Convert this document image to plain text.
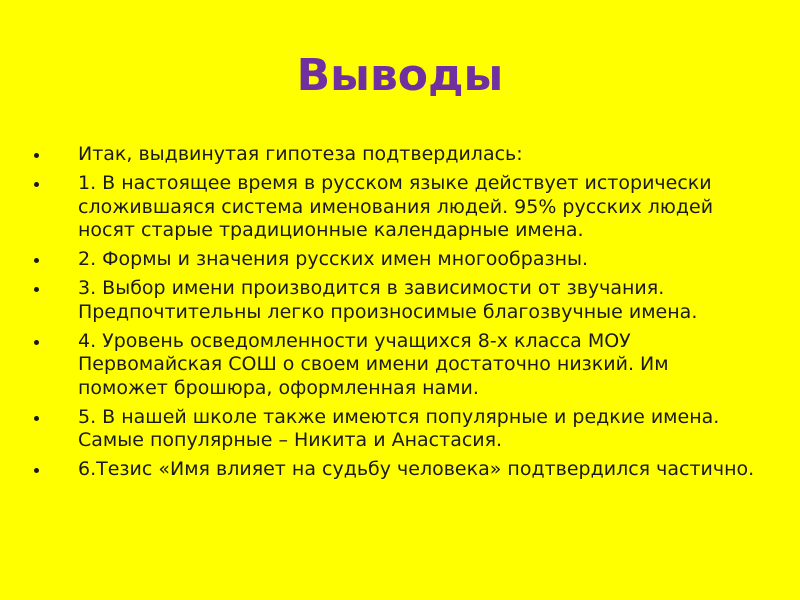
Выводы
Итак, выдвинутая гипотеза подтвердилась:
1. В настоящее время в русском языке действует исторически сложившаяся система именования людей. 95% русских людей носят старые традиционные календарные имена.
2. Формы и значения русских имен многообразны.
3. Выбор имени производится в зависимости от звучания. Предпочтительны легко произносимые благозвучные имена.
4. Уровень осведомленности учащихся 8-х класса МОУ Первомайская СОШ о своем имени достаточно низкий. Им поможет брошюра, оформленная нами.
5. В нашей школе также имеются популярные и редкие имена. Самые популярные – Никита и Анастасия.
6.Тезис «Имя влияет на судьбу человека» подтвердился частично.
